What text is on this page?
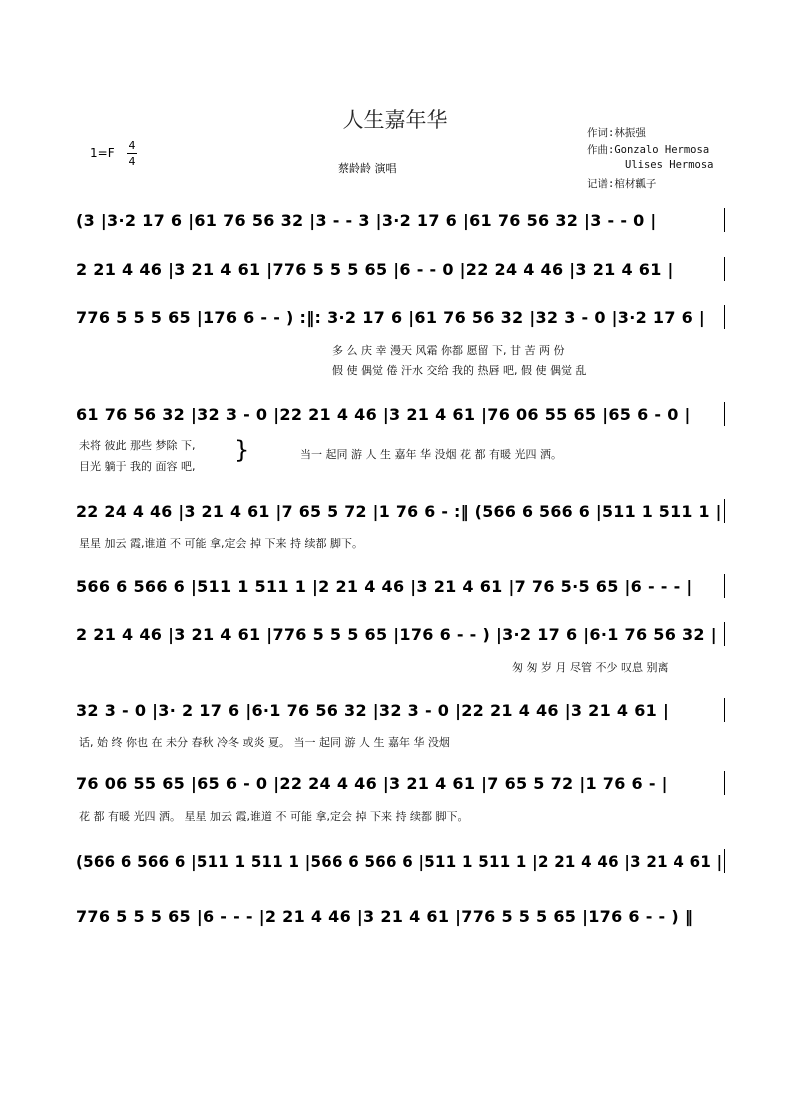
人生嘉年华
作词:林振强
作曲:Gonzalo Hermosa
Ulises Hermosa
记谱:棺材瓤子
1=F
4
4
蔡龄龄 演唱
(3 |3·2 17 6 |61 76 56 32 |3 - - 3 |3·2 17 6 |61 76 56 32 |3 - - 0 |
2 21 4 46 |3 21 4 61 |776 5 5 5 65 |6 - - 0 |22 24 4 46 |3 21 4 61 |
776 5 5 5 65 |176 6 - - ) :‖: 3·2 17 6 |61 76 56 32 |32 3 - 0 |3·2 17 6 |
多 么 庆 幸 漫天 风霜 你都 愿留 下, 甘 苦 两 份
假 使 偶觉 倦 汗水 交给 我的 热唇 吧, 假 使 偶觉 乱
61 76 56 32 |32 3 - 0 |22 21 4 46 |3 21 4 61 |76 06 55 65 |65 6 - 0 |
未将 彼此 那些 梦除 下,
目光 躺于 我的 面容 吧,
}	当一 起同 游 人 生 嘉年 华 没烟 花 都 有暖 光四 洒。
22 24 4 46 |3 21 4 61 |7 65 5 72 |1 76 6 - :‖ (566 6 566 6 |511 1 511 1 |
星星 加云 霞,谁道 不 可能 拿,定会 掉 下来 持 续都 脚下。
566 6 566 6 |511 1 511 1 |2 21 4 46 |3 21 4 61 |7 76 5·5 65 |6 - - - |
2 21 4 46 |3 21 4 61 |776 5 5 5 65 |176 6 - - ) |3·2 17 6 |6·1 76 56 32 |
匆 匆 岁 月 尽管 不少 叹息 别离
32 3 - 0 |3· 2 17 6 |6·1 76 56 32 |32 3 - 0 |22 21 4 46 |3 21 4 61 |
话, 始 终 你也 在 未分 春秋 冷冬 或炎 夏。 当一 起同 游 人 生 嘉年 华 没烟
76 06 55 65 |65 6 - 0 |22 24 4 46 |3 21 4 61 |7 65 5 72 |1 76 6 - |
花 都 有暖 光四 洒。 星星 加云 霞,谁道 不 可能 拿,定会 掉 下来 持 续都 脚下。
(566 6 566 6 |511 1 511 1 |566 6 566 6 |511 1 511 1 |2 21 4 46 |3 21 4 61 |
776 5 5 5 65 |6 - - - |2 21 4 46 |3 21 4 61 |776 5 5 5 65 |176 6 - - ) ‖
